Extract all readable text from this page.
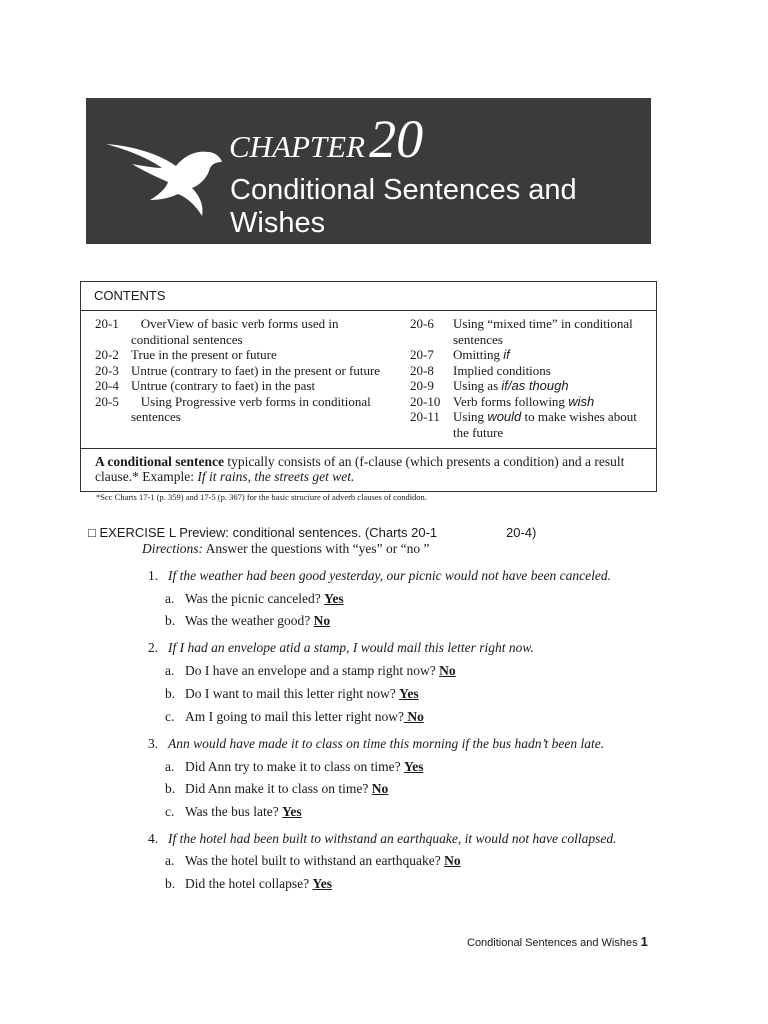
CHAPTER20
Conditional Sentences and Wishes
CONTENTS
20-1	OverView of basic verb forms used in conditional sentences
20-2 True in the present or future
20-3 Untrue (contrary to faet) in the present or future
20-4 Untrue (contrary to faet) in the past
20-5	Using Progressive verb forms in conditional sentences
20-6	Using “mixed time” in conditional sentences
20-7	Omitting if
20-8	Implied conditions
20-9	Using as if/as though
20-10 Verb forms following wish
20-11	Using would to make wishes about the future
A conditional sentence typically consists of an (f-clause (which presents a condition) and a result clause.* Example: If it rains, the streets get wet.
*Scc Charts 17-1 (p. 359) and 17-5 (p. 367) for the basic strucíure of adverb clauses of condidon.
□ EXERCISE L Preview: conditional sentences. (Charts 20-1	20-4)
Directions: Answer the questions with “yes” or “no ”
1. If the weather had been good yesterday, our picnic would not have been canceled.
a. Was the picnic canceled? Yes
b. Was the weather good? No
2. If I had an envelope atid a stamp, I would mail this letter right now.
a. Do I have an envelope and a stamp right now? No
b. Do I want to mail this letter right now? Yes
c. Am I going to mail this letter right now? No
3. Ann would have made it to class on time this morning if the bus hadn’t been late.
a. Did Ann try to make it to class on time? Yes
b. Did Ann make it to class on time? No
c. Was the bus late? Yes
4. If the hotel had been built to withstand an earthquake, it would not have collapsed.
a. Was the hotel built to withstand an earthquake? No
b. Did the hotel collapse? Yes
Conditional Sentences and Wishes 1
